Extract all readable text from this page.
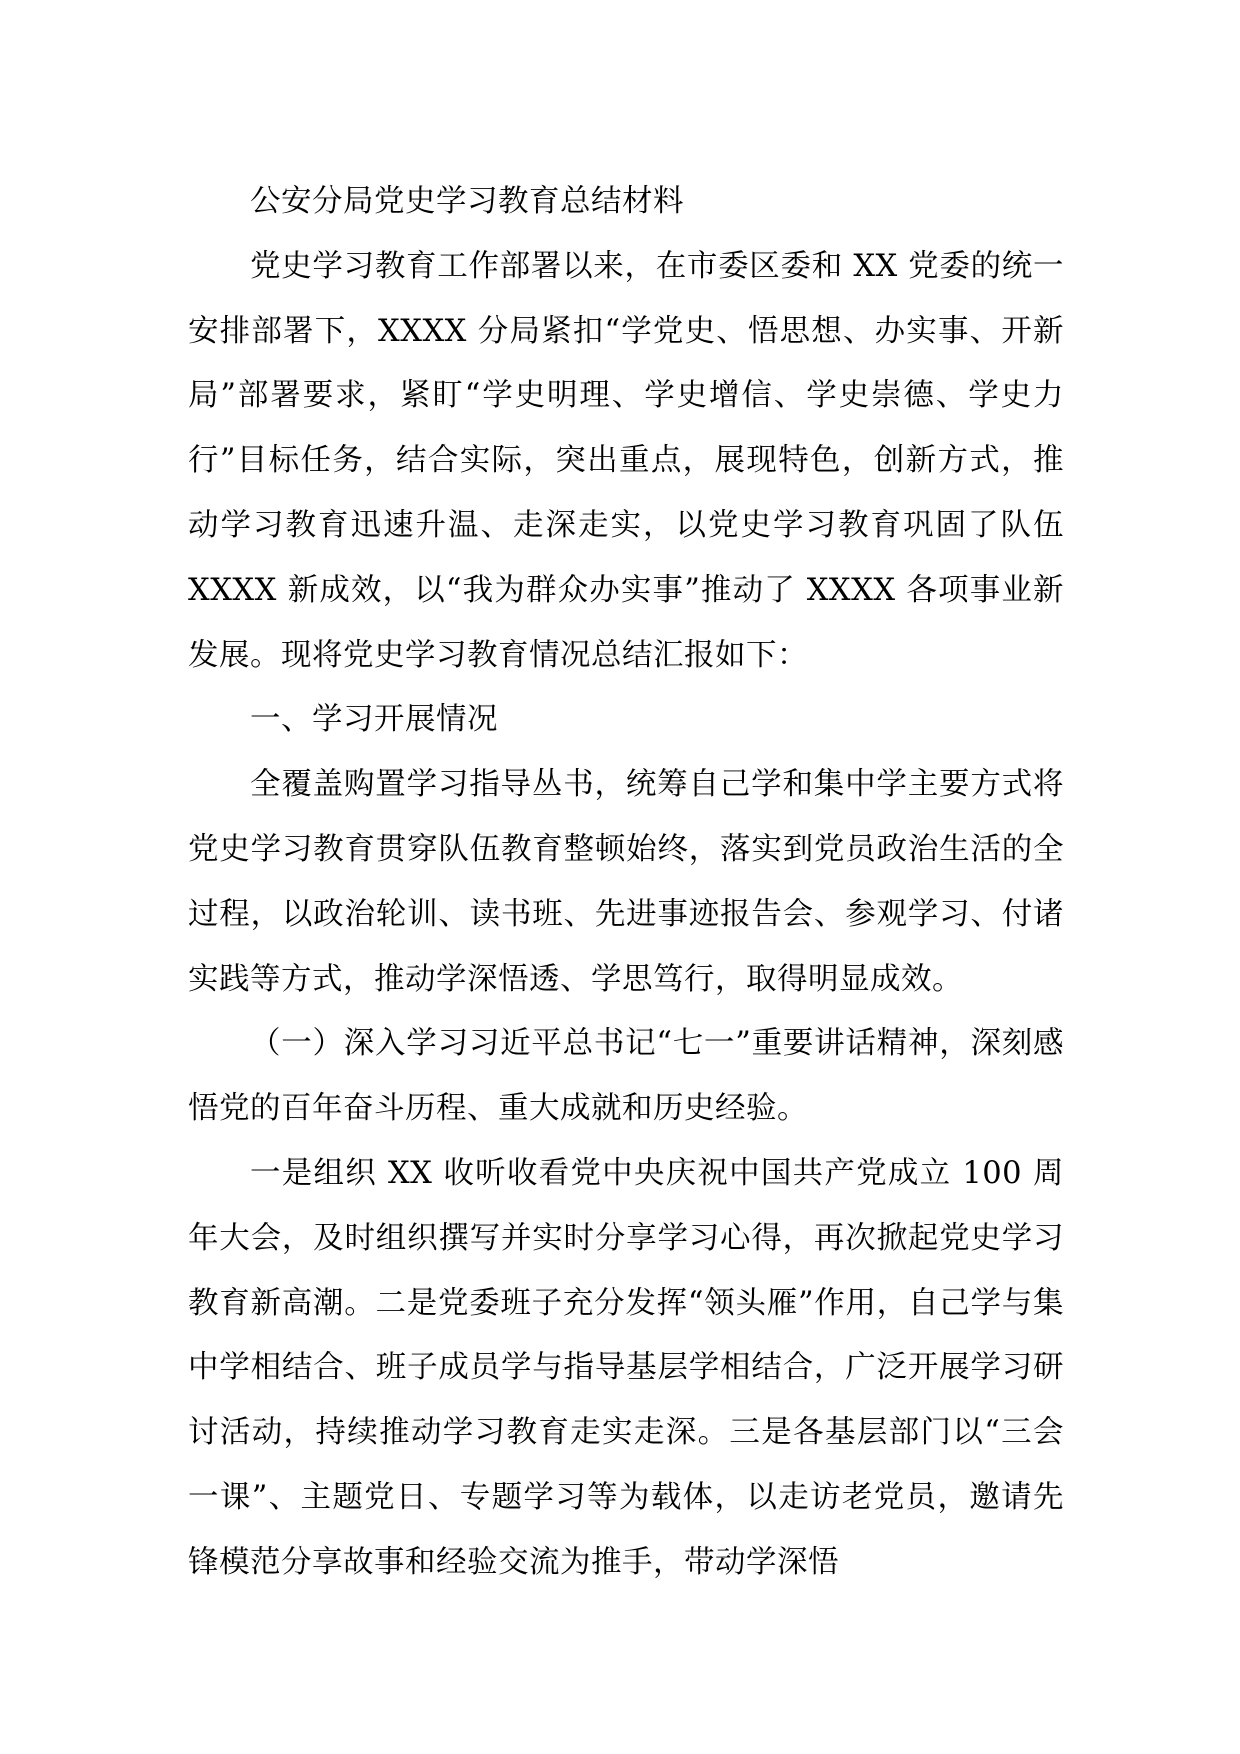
公安分局党史学习教育总结材料

党史学习教育工作部署以来，在市委区委和 XX 党委的统一安排部署下，XXXX 分局紧扣“学党史、悟思想、办实事、开新局”部署要求，紧盯“学史明理、学史增信、学史崇德、学史力行”目标任务，结合实际，突出重点，展现特色，创新方式，推动学习教育迅速升温、走深走实，以党史学习教育巩固了队伍 XXXX 新成效，以“我为群众办实事”推动了 XXXX 各项事业新发展。现将党史学习教育情况总结汇报如下：

一、学习开展情况

全覆盖购置学习指导丛书，统筹自己学和集中学主要方式将党史学习教育贯穿队伍教育整顿始终，落实到党员政治生活的全过程，以政治轮训、读书班、先进事迹报告会、参观学习、付诸实践等方式，推动学深悟透、学思笃行，取得明显成效。

（一）深入学习习近平总书记“七一”重要讲话精神，深刻感悟党的百年奋斗历程、重大成就和历史经验。

一是组织 XX 收听收看党中央庆祝中国共产党成立 100 周年大会，及时组织撰写并实时分享学习心得，再次掀起党史学习教育新高潮。二是党委班子充分发挥“领头雁”作用，自己学与集中学相结合、班子成员学与指导基层学相结合，广泛开展学习研讨活动，持续推动学习教育走实走深。三是各基层部门以“三会一课”、主题党日、专题学习等为载体，以走访老党员，邀请先锋模范分享故事和经验交流为推手，带动学深悟
